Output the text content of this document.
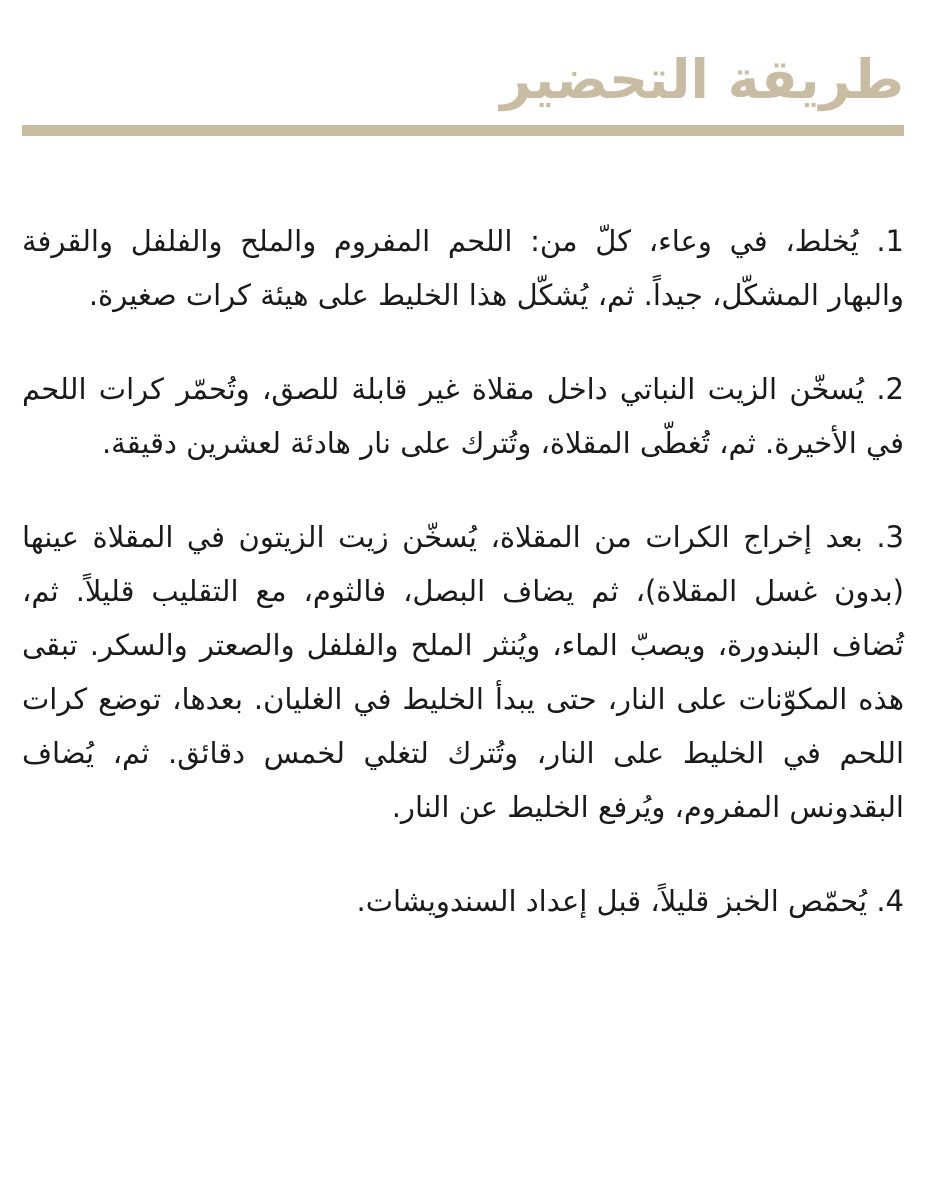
طريقة التحضير
1. يُخلط، في وعاء، كلّ من: اللحم المفروم والملح والفلفل والقرفة والبهار المشكّل، جيداً. ثم، يُشكّل هذا الخليط على هيئة كرات صغيرة.
2. يُسخّن الزيت النباتي داخل مقلاة غير قابلة للصق، وتُحمّر كرات اللحم في الأخيرة. ثم، تُغطّى المقلاة، وتُترك على نار هادئة لعشرين دقيقة.
3. بعد إخراج الكرات من المقلاة، يُسخّن زيت الزيتون في المقلاة عينها (بدون غسل المقلاة)، ثم يضاف البصل، فالثوم، مع التقليب قليلاً. ثم، تُضاف البندورة، ويصبّ الماء، ويُنثر الملح والفلفل والصعتر والسكر. تبقى هذه المكوّنات على النار، حتى يبدأ الخليط في الغليان. بعدها، توضع كرات اللحم في الخليط على النار، وتُترك لتغلي لخمس دقائق. ثم، يُضاف البقدونس المفروم، ويُرفع الخليط عن النار.
4. يُحمّص الخبز قليلاً، قبل إعداد السندويشات.
